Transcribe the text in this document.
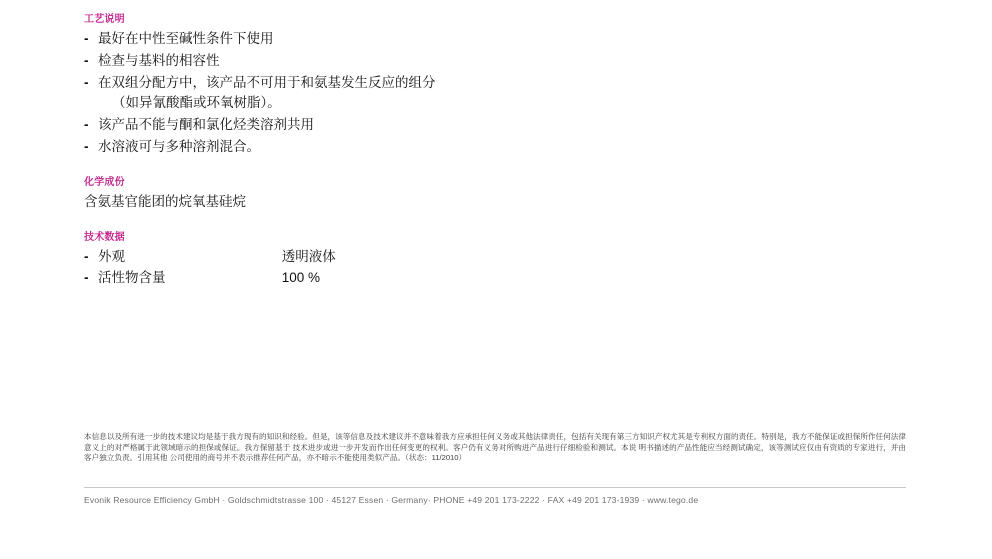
工艺说明
- 最好在中性至碱性条件下使用
- 检查与基料的相容性
- 在双组分配方中，该产品不可用于和氨基发生反应的组分
（如异氰酸酯或环氧树脂）。
- 该产品不能与酮和氯化烃类溶剂共用
- 水溶液可与多种溶剂混合。
化学成份

含氨基官能团的烷氧基硅烷

技术数据
- 外观	透明液体
- 活性物含量	100 %
本信息以及所有进一步的技术建议均是基于我方现有的知识和经验。但是，该等信息及技术建议并不意味着我方应承担任何义务或其他法律责任，包括有关现有第三方知识产权尤其是专利权方面的责任。特别是，我方不能保证或担保所作任何法律意义上的对严格属于此领域暗示的担保或保证。我方保留基于 技术进步或进一步开发而作出任何变更的权利。客户仍有义务对所购进产品进行仔细检验和测试。本说 明书描述的产品性能应当经测试确定，该等测试应仅由有资质的专家进行，并由客户独立负责。引用其他 公司使用的商号并不表示推荐任何产品，亦不暗示不能使用类似产品。（状态：11/2010）
Evonik Resource Efficiency GmbH · Goldschmidtstrasse 100 · 45127 Essen · Germany· PHONE +49 201 173-2222 · FAX +49 201 173-1939 · www.tego.de
